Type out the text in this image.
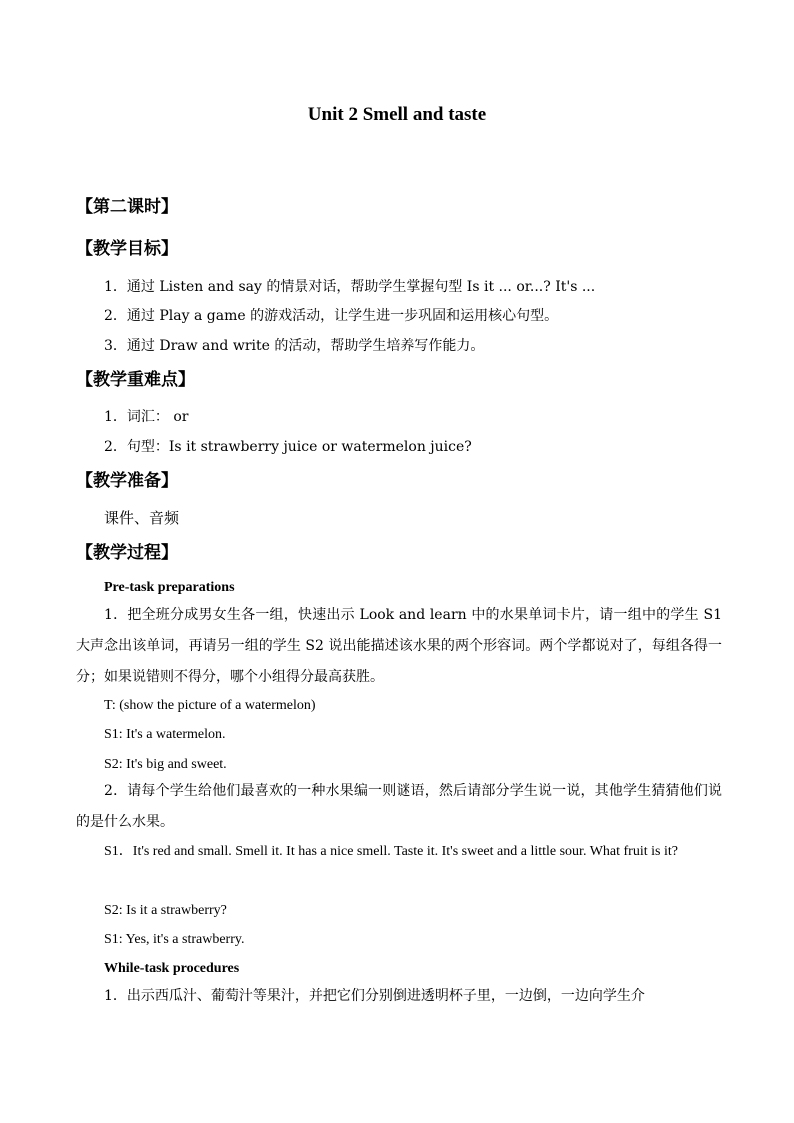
Unit 2 Smell and taste
【第二课时】
【教学目标】
1．通过 Listen and say 的情景对话，帮助学生掌握句型 Is it ... or...? It's ...
2．通过 Play a game 的游戏活动，让学生进一步巩固和运用核心句型。
3．通过 Draw and write 的活动，帮助学生培养写作能力。
【教学重难点】
1．词汇： or
2．句型：Is it strawberry juice or watermelon juice?
【教学准备】
课件、音频
【教学过程】
Pre-task preparations
1．把全班分成男女生各一组，快速出示 Look and learn 中的水果单词卡片，请一组中的学生 S1 大声念出该单词，再请另一组的学生 S2 说出能描述该水果的两个形容词。两个学都说对了，每组各得一分；如果说错则不得分，哪个小组得分最高获胜。
T: (show the picture of a watermelon)
S1: It's a watermelon.
S2: It's big and sweet.
2．请每个学生给他们最喜欢的一种水果编一则谜语，然后请部分学生说一说，其他学生猜猜他们说的是什么水果。
S1．It's red and small. Smell it. It has a nice smell. Taste it. It's sweet and a little sour. What fruit is it?
S2: Is it a strawberry?
S1: Yes, it's a strawberry.
While-task procedures
1．出示西瓜汁、葡萄汁等果汁，并把它们分别倒进透明杯子里，一边倒，一边向学生介
